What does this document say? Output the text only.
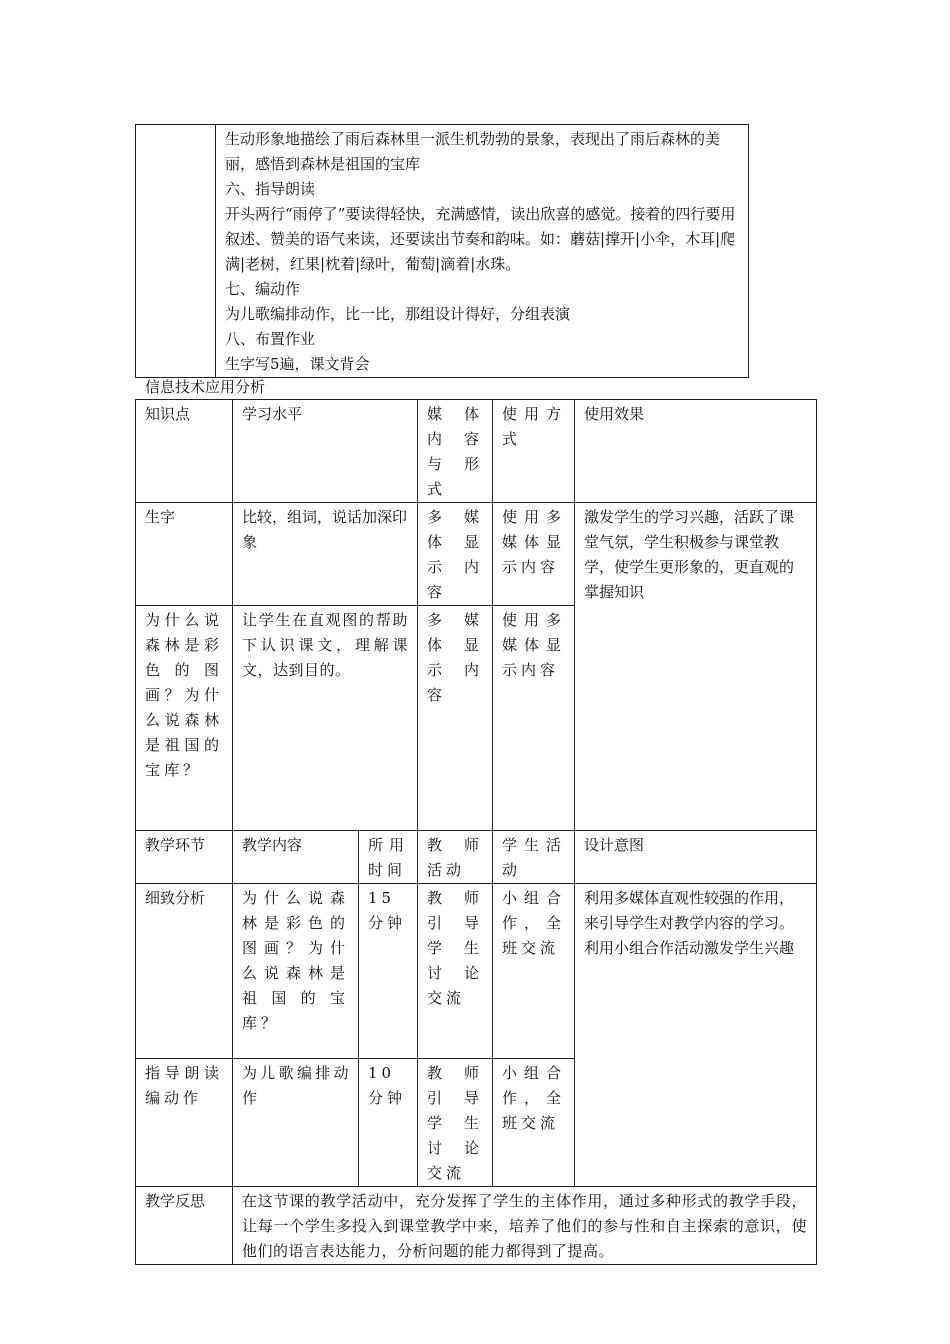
生动形象地描绘了雨后森林里一派生机勃勃的景象，表现出了雨后森林的美丽，感悟到森林是祖国的宝库
六、指导朗读
开头两行“雨停了”要读得轻快，充满感情，读出欣喜的感觉。接着的四行要用叙述、赞美的语气来读，还要读出节奏和韵味。如：蘑菇|撑开|小伞，木耳|爬满|老树，红果|枕着|绿叶，葡萄|滴着|水珠。
七、编动作
为儿歌编排动作，比一比，那组设计得好，分组表演
八、布置作业
生字写5遍，课文背会
信息技术应用分析
知识点	学习水平		媒体内容与形式	使用方式	使用效果
生字	比较，组词，说话加深印象		多媒体显示内容	使用多媒体显示内容	激发学生的学习兴趣，活跃了课堂气氛，学生积极参与课堂教学，使学生更形象的，更直观的掌握知识
为什么说森林是彩色的图画？为什么说森林是祖国的宝库？	让学生在直观图的帮助下认识课文，理解课文，达到目的。		多媒体显示内容	使用多媒体显示内容	
教学环节	教学内容	所用时间	教师活动	学生活动	设计意图
细致分析	为什么说森林是彩色的图画？为什么说森林是祖国的宝库？	15分钟	教师引导学生讨论交流	小组合作，全班交流	利用多媒体直观性较强的作用，来引导学生对教学内容的学习。利用小组合作活动激发学生兴趣
指导朗读编动作	为儿歌编排动作	10分钟	教师引导学生讨论交流	小组合作，全班交流	
教学反思	在这节课的教学活动中，充分发挥了学生的主体作用，通过多种形式的教学手段，让每一个学生多投入到课堂教学中来，培养了他们的参与性和自主探索的意识，使他们的语言表达能力，分析问题的能力都得到了提高。				
